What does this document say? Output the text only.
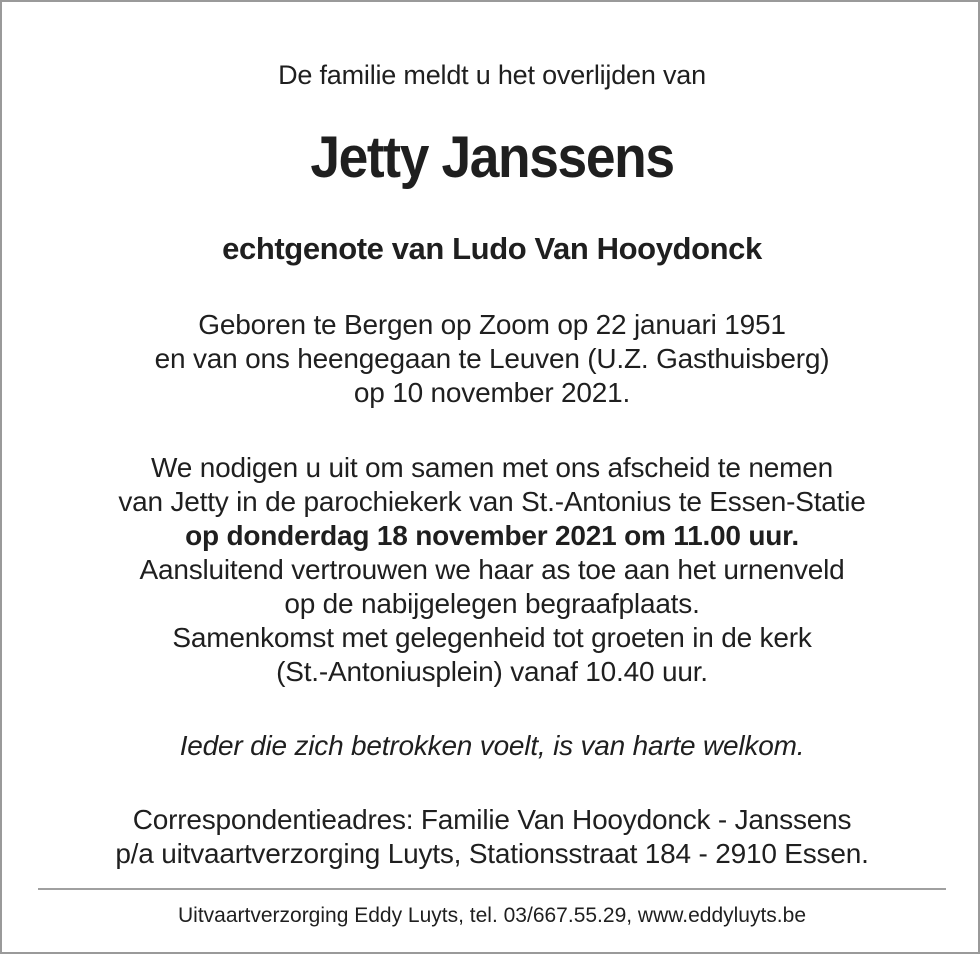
De familie meldt u het overlijden van
Jetty Janssens
echtgenote van Ludo Van Hooydonck
Geboren te Bergen op Zoom op 22 januari 1951
en van ons heengegaan te Leuven (U.Z. Gasthuisberg)
op 10 november 2021.
We nodigen u uit om samen met ons afscheid te nemen
van Jetty in de parochiekerk van St.-Antonius te Essen-Statie
op donderdag 18 november 2021 om 11.00 uur.
Aansluitend vertrouwen we haar as toe aan het urnenveld
op de nabijgelegen begraafplaats.
Samenkomst met gelegenheid tot groeten in de kerk
(St.-Antoniusplein) vanaf 10.40 uur.
Ieder die zich betrokken voelt, is van harte welkom.
Correspondentieadres: Familie Van Hooydonck - Janssens
p/a uitvaartverzorging Luyts, Stationsstraat 184 - 2910 Essen.
Uitvaartverzorging Eddy Luyts, tel. 03/667.55.29, www.eddyluyts.be
